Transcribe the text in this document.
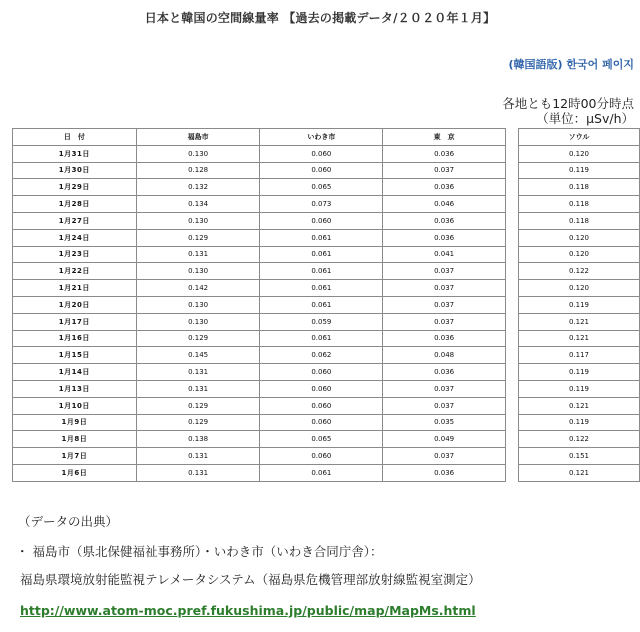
日本と韓国の空間線量率 【過去の掲載データ/２０２０年１月】
(韓国語版) 한국어 페이지
各地とも12時00分時点
（単位：μSv/h）
日　付	福島市	いわき市	東　京
1月31日	0.130	0.060	0.036
1月30日	0.128	0.060	0.037
1月29日	0.132	0.065	0.036
1月28日	0.134	0.073	0.046
1月27日	0.130	0.060	0.036
1月24日	0.129	0.061	0.036
1月23日	0.131	0.061	0.041
1月22日	0.130	0.061	0.037
1月21日	0.142	0.061	0.037
1月20日	0.130	0.061	0.037
1月17日	0.130	0.059	0.037
1月16日	0.129	0.061	0.036
1月15日	0.145	0.062	0.048
1月14日	0.131	0.060	0.036
1月13日	0.131	0.060	0.037
1月10日	0.129	0.060	0.037
1月9日	0.129	0.060	0.035
1月8日	0.138	0.065	0.049
1月7日	0.131	0.060	0.037
1月6日	0.131	0.061	0.036
ソウル
0.120
0.119
0.118
0.118
0.118
0.120
0.120
0.122
0.120
0.119
0.121
0.121
0.117
0.119
0.119
0.121
0.119
0.122
0.151
0.121
（データの出典）
・ 福島市（県北保健福祉事務所）・いわき市（いわき合同庁舎）：
福島県環境放射能監視テレメータシステム（福島県危機管理部放射線監視室測定）
http://www.atom-moc.pref.fukushima.jp/public/map/MapMs.html
